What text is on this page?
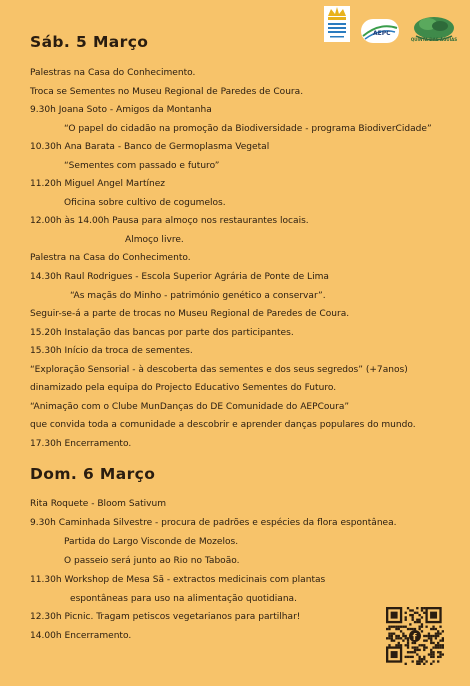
AEPC
QUINTA DAS ÁGUIAS
Sáb. 5 Março
Palestras na Casa do Conhecimento.
Troca se Sementes no Museu Regional de Paredes de Coura.
9.30h Joana Soto - Amigos da Montanha
“O papel do cidadão na promoção da Biodiversidade - programa BiodiverCidade”
10.30h Ana Barata - Banco de Germoplasma Vegetal
“Sementes com passado e futuro”
11.20h Miguel Angel Martínez
Oficina sobre cultivo de cogumelos.
12.00h às 14.00h Pausa para almoço nos restaurantes locais.
Almoço livre.
Palestra na Casa do Conhecimento.
14.30h Raul Rodrigues - Escola Superior Agrária de Ponte de Lima
“As maçãs do Minho - património genético a conservar”.
Seguir-se-á a parte de trocas no Museu Regional de Paredes de Coura.
15.20h Instalação das bancas por parte dos participantes.
15.30h Início da troca de sementes.
“Exploração Sensorial - à descoberta das sementes e dos seus segredos” (+7anos)
dinamizado pela equipa do Projecto Educativo Sementes do Futuro.
“Animação com o Clube MunDanças do DE Comunidade do AEPCoura”
que convida toda a comunidade a descobrir e aprender danças populares do mundo.
17.30h Encerramento.
Dom. 6 Março
Rita Roquete - Bloom Sativum
9.30h Caminhada Silvestre - procura de padrões e espécies da flora espontânea.
Partida do Largo Visconde de Mozelos.
O passeio será junto ao Rio no Taboão.
11.30h Workshop de Mesa Sã - extractos medicinais com plantas
espontâneas para uso na alimentação quotidiana.
12.30h Picnic. Tragam petiscos vegetarianos para partilhar!
14.00h Encerramento.	f
